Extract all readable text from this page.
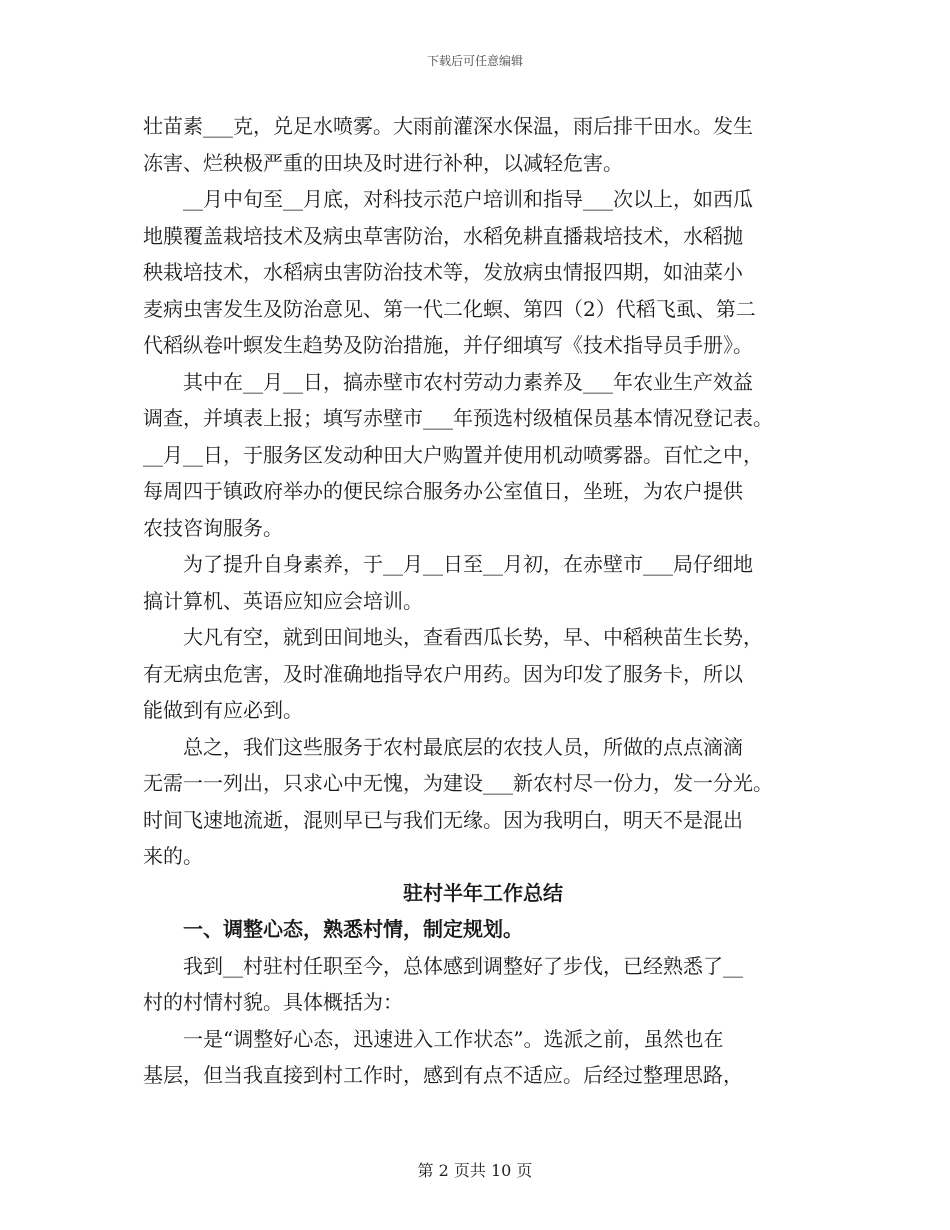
下载后可任意编辑
壮苗素___克，兑足水喷雾。大雨前灌深水保温，雨后排干田水。发生
冻害、烂秧极严重的田块及时进行补种，以减轻危害。
　　__月中旬至__月底，对科技示范户培训和指导___次以上，如西瓜
地膜覆盖栽培技术及病虫草害防治，水稻免耕直播栽培技术，水稻抛
秧栽培技术，水稻病虫害防治技术等，发放病虫情报四期，如油菜小
麦病虫害发生及防治意见、第一代二化螟、第四（2）代稻飞虱、第二
代稻纵卷叶螟发生趋势及防治措施，并仔细填写《技术指导员手册》。
　　其中在__月__日，搞赤壁市农村劳动力素养及___年农业生产效益
调查，并填表上报；填写赤壁市___年预选村级植保员基本情况登记表。
__月__日，于服务区发动种田大户购置并使用机动喷雾器。百忙之中，
每周四于镇政府举办的便民综合服务办公室值日，坐班，为农户提供
农技咨询服务。
　　为了提升自身素养，于__月__日至__月初，在赤壁市___局仔细地
搞计算机、英语应知应会培训。
　　大凡有空，就到田间地头，查看西瓜长势，早、中稻秧苗生长势，
有无病虫危害，及时准确地指导农户用药。因为印发了服务卡，所以
能做到有应必到。
　　总之，我们这些服务于农村最底层的农技人员，所做的点点滴滴
无需一一列出，只求心中无愧，为建设___新农村尽一份力，发一分光。
时间飞速地流逝，混则早已与我们无缘。因为我明白，明天不是混出
来的。
驻村半年工作总结
　　一、调整心态，熟悉村情，制定规划。
　　我到__村驻村任职至今，总体感到调整好了步伐，已经熟悉了__
村的村情村貌。具体概括为：
　　一是“调整好心态，迅速进入工作状态”。选派之前，虽然也在
基层，但当我直接到村工作时，感到有点不适应。后经过整理思路，
第 2 页共 10 页
